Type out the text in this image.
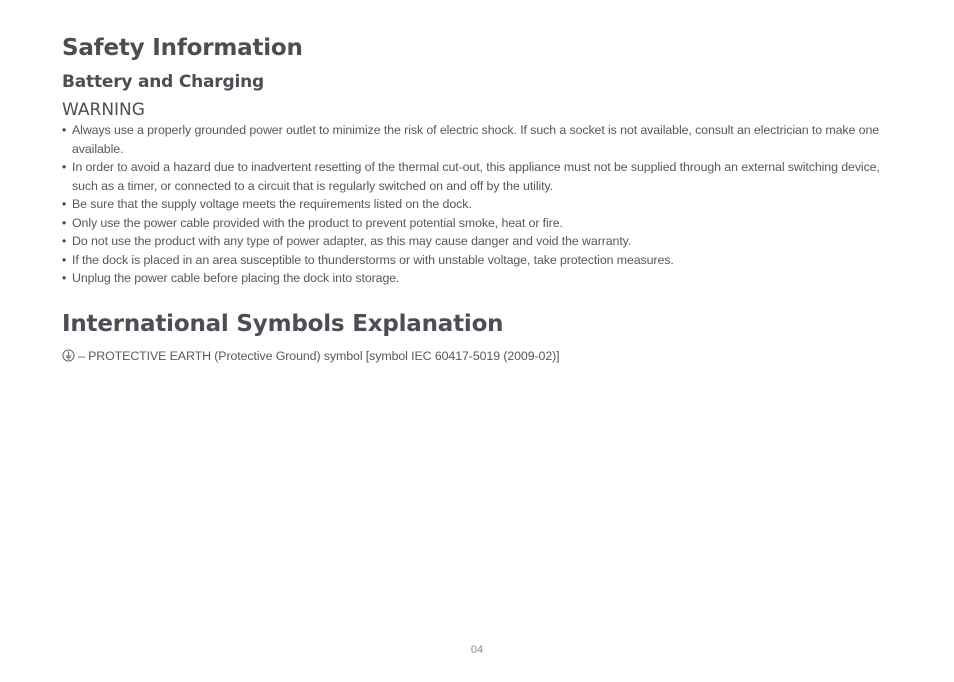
Safety Information
Battery and Charging
WARNING
• Always use a properly grounded power outlet to minimize the risk of electric shock. If such a socket is not available, consult an electrician to make one available.
• In order to avoid a hazard due to inadvertent resetting of the thermal cut-out, this appliance must not be supplied through an external switching device, such as a timer, or connected to a circuit that is regularly switched on and off by the utility.
• Be sure that the supply voltage meets the requirements listed on the dock.
• Only use the power cable provided with the product to prevent potential smoke, heat or fire.
• Do not use the product with any type of power adapter, as this may cause danger and void the warranty.
• If the dock is placed in an area susceptible to thunderstorms or with unstable voltage, take protection measures.
• Unplug the power cable before placing the dock into storage.
International Symbols Explanation
– PROTECTIVE EARTH (Protective Ground) symbol [symbol IEC 60417-5019 (2009-02)]
04
